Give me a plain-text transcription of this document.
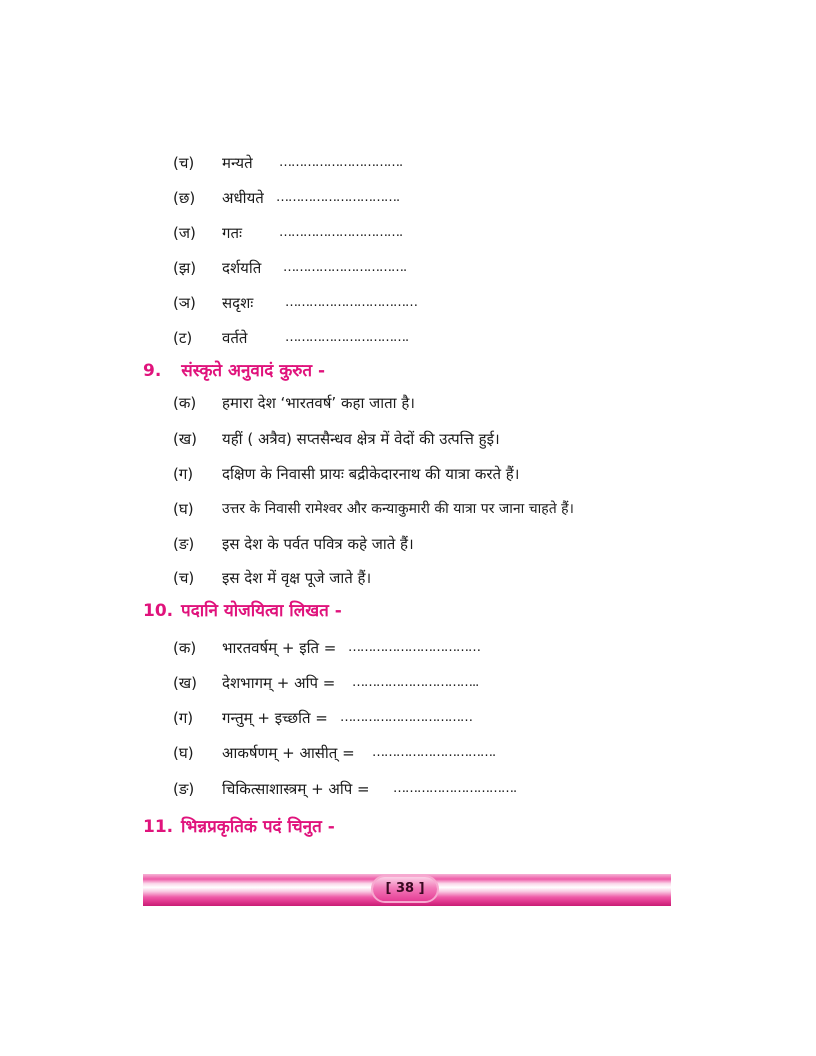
(च) मन्यते ………………………….
(छ) अधीयते ………………………….
(ज) गतः	………………………….
(झ) दर्शयति ………………………….
(ञ) सदृशः ……………………………
(ट) वर्तते	………………………….
9. संस्कृते अनुवादं कुरुत -
(क) हमारा देश ‘भारतवर्ष’ कहा जाता है।
(ख) यहीं ( अत्रैव) सप्तसैन्धव क्षेत्र में वेदों की उत्पत्ति हुई।
(ग) दक्षिण के निवासी प्रायः बद्रीकेदारनाथ की यात्रा करते हैं।
(घ) उत्तर के निवासी रामेश्वर और कन्याकुमारी की यात्रा पर जाना चाहते हैं।
(ङ) इस देश के पर्वत पवित्र कहे जाते हैं।
(च) इस देश में वृक्ष पूजे जाते हैं।
10. पदानि योजयित्वा लिखत -
(क) भारतवर्षम् + इति = ……………………………
(ख) देशभागम् + अपि = …………………………..
(ग) गन्तुम् + इच्छति = ……………………………
(घ) आकर्षणम् + आसीत् = ………………………….
(ङ) चिकित्साशास्त्रम् + अपि = ………………………….
11. भिन्नप्रकृतिकं पदं चिनुत -
[ 38 ]
